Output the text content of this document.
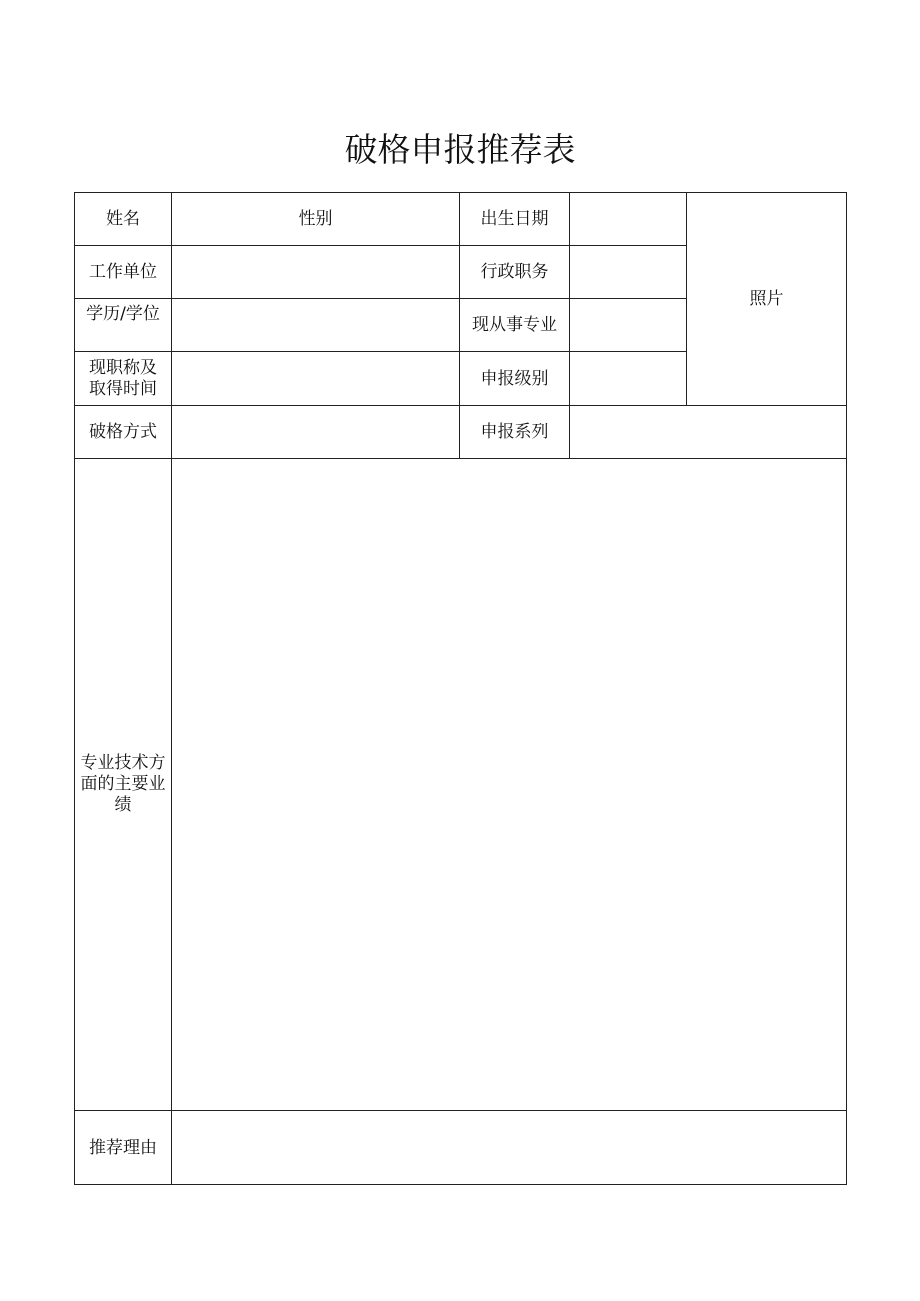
破格申报推荐表
姓名	性别	出生日期		照片
工作单位		行政职务		
学历/学位		现从事专业		
现职称及
取得时间		申报级别		
破格方式		申报系列		
专业技术方
面的主要业
绩				
推荐理由				
